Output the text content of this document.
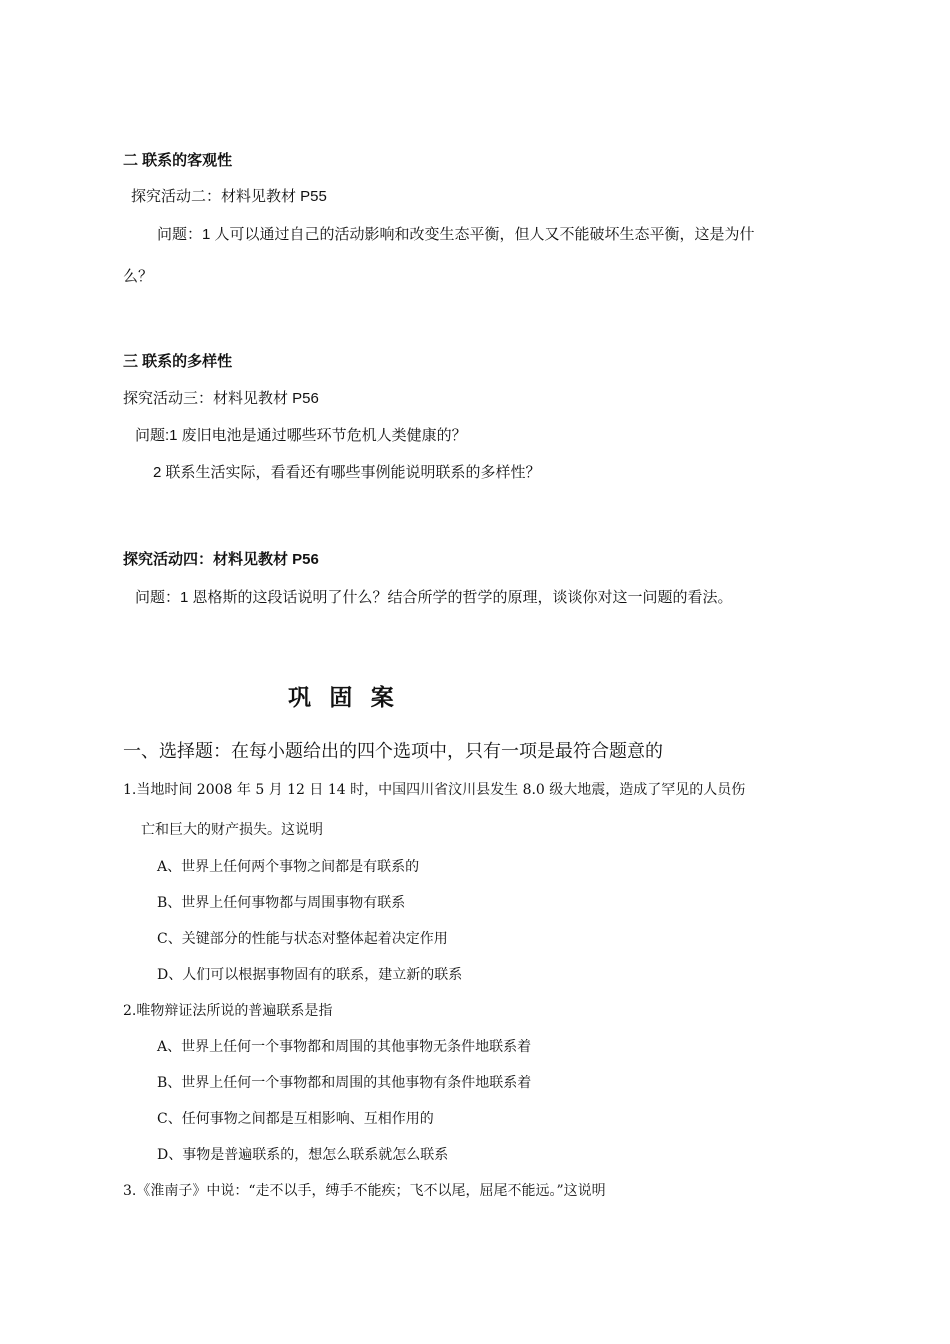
二 联系的客观性
探究活动二：材料见教材 P55
问题：1 人可以通过自己的活动影响和改变生态平衡，但人又不能破坏生态平衡，这是为什
么？
三 联系的多样性
探究活动三：材料见教材 P56
问题:1 废旧电池是通过哪些环节危机人类健康的？
2 联系生活实际，看看还有哪些事例能说明联系的多样性？
探究活动四：材料见教材 P56
问题：1 恩格斯的这段话说明了什么？结合所学的哲学的原理，谈谈你对这一问题的看法。
巩 固 案
一、选择题：在每小题给出的四个选项中，只有一项是最符合题意的
1.当地时间 2008 年 5 月 12 日 14 时，中国四川省汶川县发生 8.0 级大地震，造成了罕见的人员伤
亡和巨大的财产损失。这说明
A、世界上任何两个事物之间都是有联系的
B、世界上任何事物都与周围事物有联系
C、关键部分的性能与状态对整体起着决定作用
D、人们可以根据事物固有的联系，建立新的联系
2.唯物辩证法所说的普遍联系是指
A、世界上任何一个事物都和周围的其他事物无条件地联系着
B、世界上任何一个事物都和周围的其他事物有条件地联系着
C、任何事物之间都是互相影响、互相作用的
D、事物是普遍联系的，想怎么联系就怎么联系
3.《淮南子》中说：“走不以手，缚手不能疾；飞不以尾，屈尾不能远。”这说明
